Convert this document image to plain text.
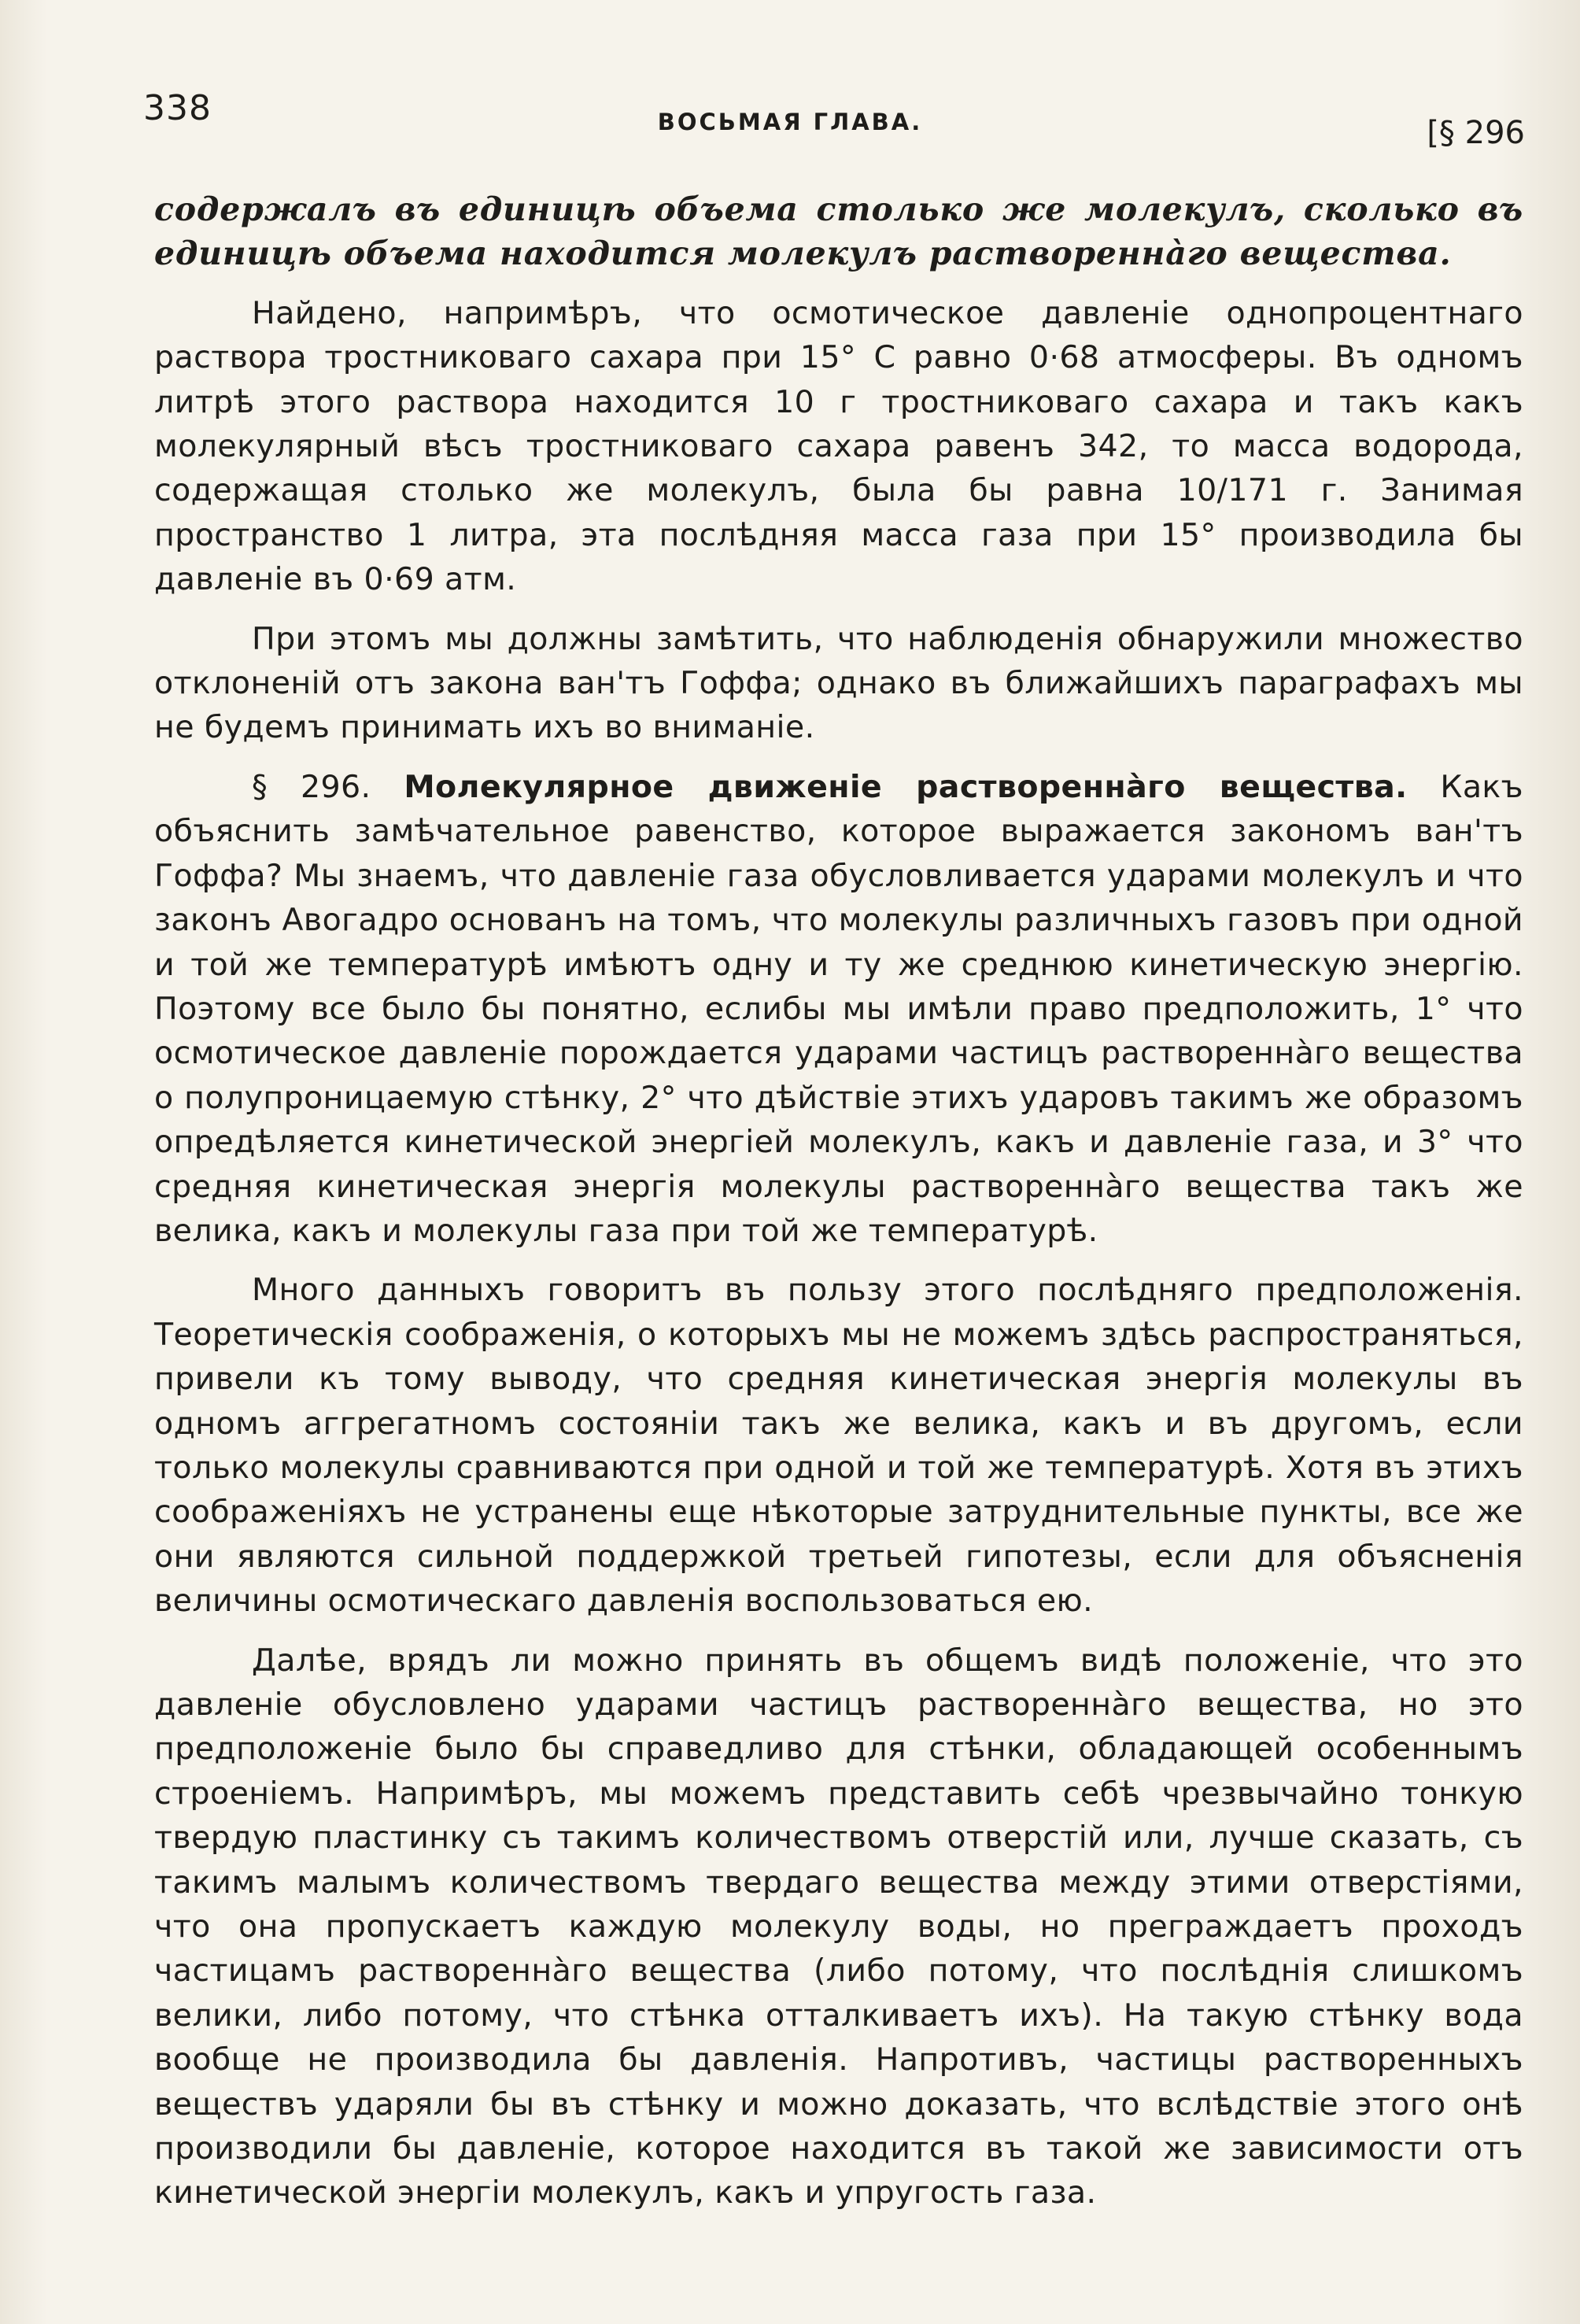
338	ВОСЬМАЯ ГЛАВА.	[§ 296

содержалъ въ единицѣ объема столько же молекулъ, сколько въ единицѣ объема находится молекулъ растворенна̀го вещества.

Найдено, напримѣръ, что осмотическое давленіе однопроцентнаго раствора тростниковаго сахара при 15° C равно 0·68 атмосферы. Въ одномъ литрѣ этого раствора находится 10 г тростниковаго сахара и такъ какъ молекулярный вѣсъ тростниковаго сахара равенъ 342, то масса водорода, содержащая столько же молекулъ, была бы равна 10/171 г. Занимая пространство 1 литра, эта послѣдняя масса газа при 15° производила бы давленіе въ 0·69 атм.

При этомъ мы должны замѣтить, что наблюденія обнаружили множество отклоненій отъ закона ван'тъ Гоффа; однако въ ближайшихъ параграфахъ мы не будемъ принимать ихъ во вниманіе.

§ 296. Молекулярное движеніе растворенна̀го вещества. Какъ объяснить замѣчательное равенство, которое выражается закономъ ван'тъ Гоффа? Мы знаемъ, что давленіе газа обусловливается ударами молекулъ и что законъ Авогадро основанъ на томъ, что молекулы различныхъ газовъ при одной и той же температурѣ имѣютъ одну и ту же среднюю кинетическую энергію. Поэтому все было бы понятно, еслибы мы имѣли право предположить, 1° что осмотическое давленіе порождается ударами частицъ растворенна̀го вещества о полупроницаемую стѣнку, 2° что дѣйствіе этихъ ударовъ такимъ же образомъ опредѣляется кинетической энергіей молекулъ, какъ и давленіе газа, и 3° что средняя кинетическая энергія молекулы растворенна̀го вещества такъ же велика, какъ и молекулы газа при той же температурѣ.

Много данныхъ говоритъ въ пользу этого послѣдняго предположенія. Теоретическія соображенія, о которыхъ мы не можемъ здѣсь распространяться, привели къ тому выводу, что средняя кинетическая энергія молекулы въ одномъ аггрегатномъ состояніи такъ же велика, какъ и въ другомъ, если только молекулы сравниваются при одной и той же температурѣ. Хотя въ этихъ соображеніяхъ не устранены еще нѣкоторые затруднительные пункты, все же они являются сильной поддержкой третьей гипотезы, если для объясненія величины осмотическаго давленія воспользоваться ею.

Далѣе, врядъ ли можно принять въ общемъ видѣ положеніе, что это давленіе обусловлено ударами частицъ растворенна̀го вещества, но это предположеніе было бы справедливо для стѣнки, обладающей особеннымъ строеніемъ. Напримѣръ, мы можемъ представить себѣ чрезвычайно тонкую твердую пластинку съ такимъ количествомъ отверстій или, лучше сказать, съ такимъ малымъ количествомъ твердаго вещества между этими отверстіями, что она пропускаетъ каждую молекулу воды, но преграждаетъ проходъ частицамъ растворенна̀го вещества (либо потому, что послѣднія слишкомъ велики, либо потому, что стѣнка отталкиваетъ ихъ). На такую стѣнку вода вообще не производила бы давленія. Напротивъ, частицы растворенныхъ веществъ ударяли бы въ стѣнку и можно доказать, что вслѣдствіе этого онѣ производили бы давленіе, которое находится въ такой же зависимости отъ кинетической энергіи молекулъ, какъ и упругость газа.
